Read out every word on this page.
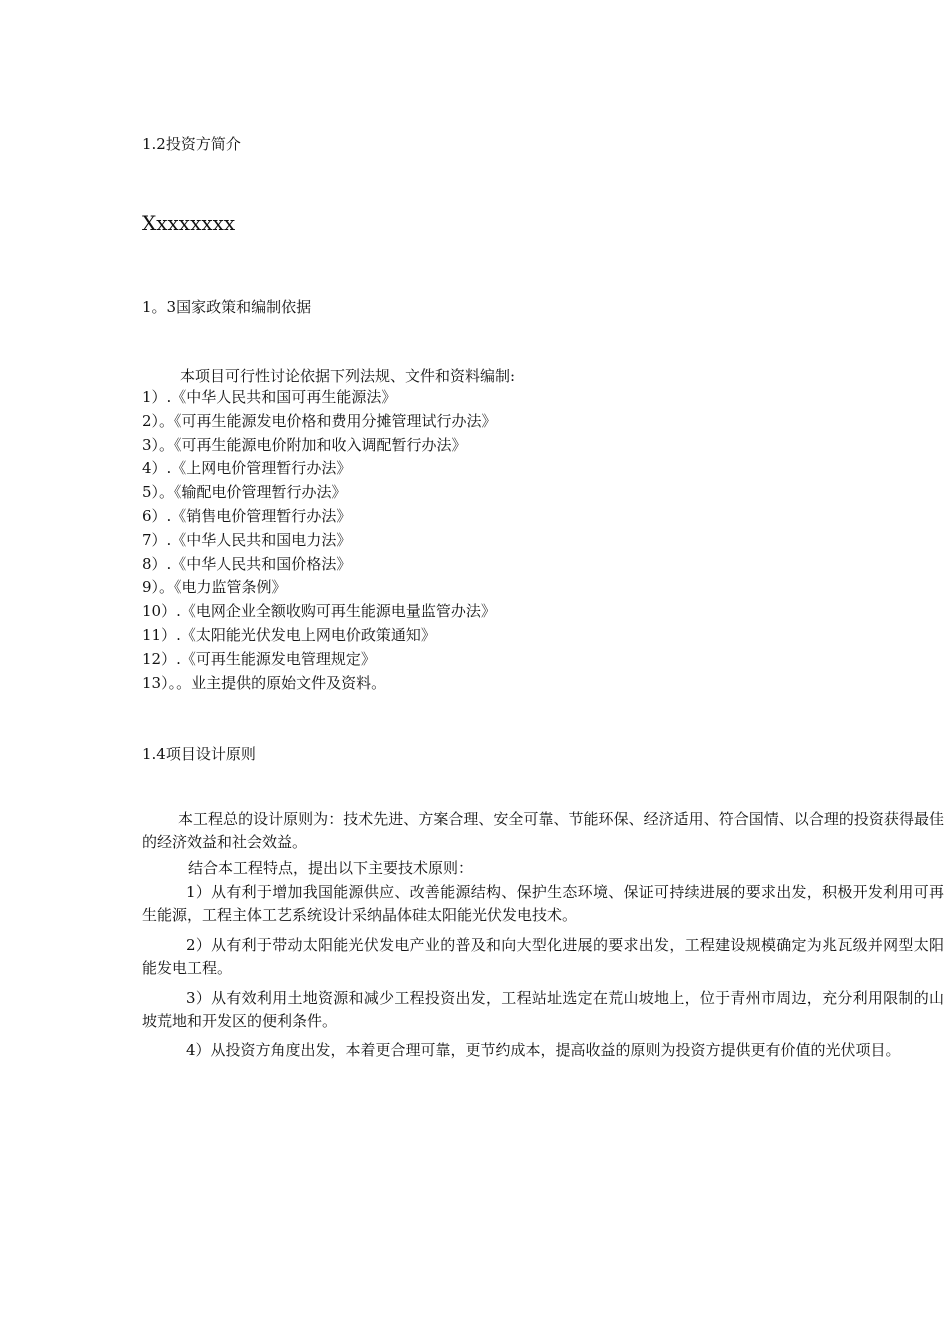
1.2投资方简介
Xxxxxxxx
1。3国家政策和编制依据
本项目可行性讨论依据下列法规、文件和资料编制:
1）.《中华人民共和国可再生能源法》
2）。《可再生能源发电价格和费用分摊管理试行办法》
3）。《可再生能源电价附加和收入调配暂行办法》
4）.《上网电价管理暂行办法》
5）。《输配电价管理暂行办法》
6）.《销售电价管理暂行办法》
7）.《中华人民共和国电力法》
8）.《中华人民共和国价格法》
9）。《电力监管条例》
10）.《电网企业全额收购可再生能源电量监管办法》
11）.《太阳能光伏发电上网电价政策通知》
12）.《可再生能源发电管理规定》
13）。。业主提供的原始文件及资料。
1.4项目设计原则

本工程总的设计原则为：技术先进、方案合理、安全可靠、节能环保、经济适用、符合国情、以合理的投资获得最佳的经济效益和社会效益。

结合本工程特点，提出以下主要技术原则：

1）从有利于增加我国能源供应、改善能源结构、保护生态环境、保证可持续进展的要求出发，积极开发利用可再生能源，工程主体工艺系统设计采纳晶体硅太阳能光伏发电技术。

2）从有利于带动太阳能光伏发电产业的普及和向大型化进展的要求出发，工程建设规模确定为兆瓦级并网型太阳能发电工程。

3）从有效利用土地资源和减少工程投资出发，工程站址选定在荒山坡地上，位于青州市周边，充分利用限制的山坡荒地和开发区的便利条件。

4）从投资方角度出发，本着更合理可靠，更节约成本，提高收益的原则为投资方提供更有价值的光伏项目。
